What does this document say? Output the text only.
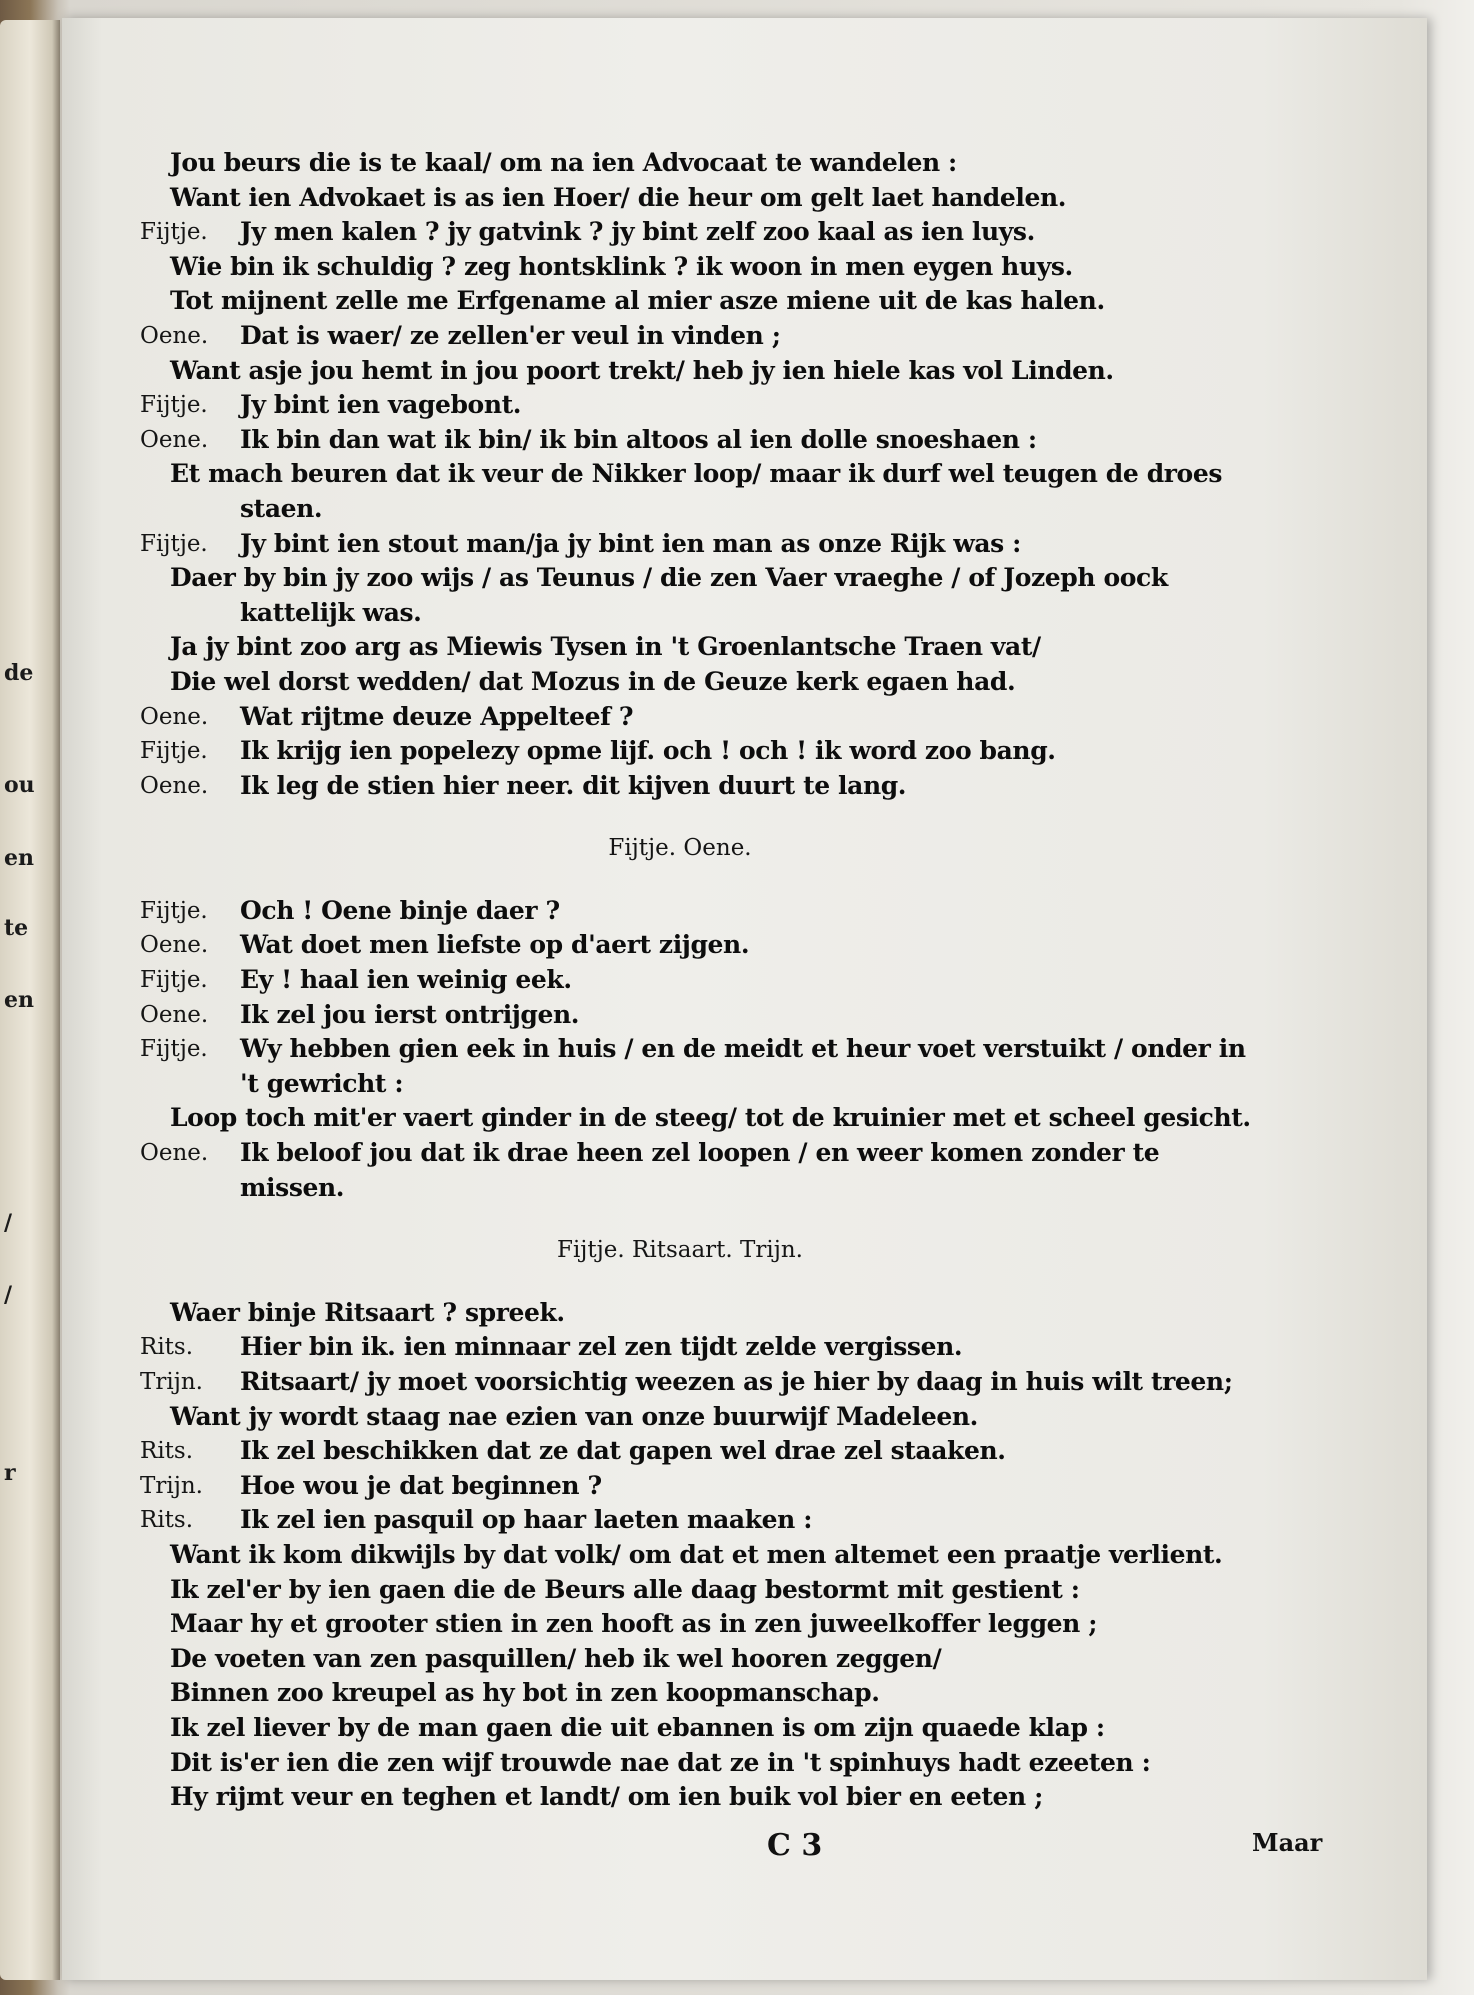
de
ou
en
te
en
/
/
r
Jou beurs die is te kaal/ om na ien Advocaat te wandelen :
Want ien Advokaet is as ien Hoer/ die heur om gelt laet handelen.
Fijtje. Jy men kalen ? jy gatvink ? jy bint zelf zoo kaal as ien luys.
Wie bin ik schuldig ? zeg hontsklink ? ik woon in men eygen huys.
Tot mijnent zelle me Erfgename al mier asze miene uit de kas halen.
Oene. Dat is waer/ ze zellen'er veul in vinden ;
Want asje jou hemt in jou poort trekt/ heb jy ien hiele kas vol Linden.
Fijtje. Jy bint ien vagebont.
Oene. Ik bin dan wat ik bin/ ik bin altoos al ien dolle snoeshaen :
Et mach beuren dat ik veur de Nikker loop/ maar ik durf wel teugen de droes
staen.
Fijtje. Jy bint ien stout man/ja jy bint ien man as onze Rijk was :
Daer by bin jy zoo wijs / as Teunus / die zen Vaer vraeghe / of Jozeph oock
kattelijk was.
Ja jy bint zoo arg as Miewis Tysen in 't Groenlantsche Traen vat/
Die wel dorst wedden/ dat Mozus in de Geuze kerk egaen had.
Oene. Wat rijtme deuze Appelteef ?
Fijtje. Ik krijg ien popelezy opme lijf. och ! och ! ik word zoo bang.
Oene. Ik leg de stien hier neer. dit kijven duurt te lang.
Fijtje. Oene.
Fijtje. Och ! Oene binje daer ?
Oene. Wat doet men liefste op d'aert zijgen.
Fijtje. Ey ! haal ien weinig eek.
Oene. Ik zel jou ierst ontrijgen.
Fijtje. Wy hebben gien eek in huis / en de meidt et heur voet verstuikt / onder in
't gewricht :
Loop toch mit'er vaert ginder in de steeg/ tot de kruinier met et scheel gesicht.
Oene. Ik beloof jou dat ik drae heen zel loopen / en weer komen zonder te
missen.
Fijtje. Ritsaart. Trijn.
Waer binje Ritsaart ? spreek.
Rits. Hier bin ik. ien minnaar zel zen tijdt zelde vergissen.
Trijn. Ritsaart/ jy moet voorsichtig weezen as je hier by daag in huis wilt treen;
Want jy wordt staag nae ezien van onze buurwijf Madeleen.
Rits. Ik zel beschikken dat ze dat gapen wel drae zel staaken.
Trijn. Hoe wou je dat beginnen ?
Rits. Ik zel ien pasquil op haar laeten maaken :
Want ik kom dikwijls by dat volk/ om dat et men altemet een praatje verlient.
Ik zel'er by ien gaen die de Beurs alle daag bestormt mit gestient :
Maar hy et grooter stien in zen hooft as in zen juweelkoffer leggen ;
De voeten van zen pasquillen/ heb ik wel hooren zeggen/
Binnen zoo kreupel as hy bot in zen koopmanschap.
Ik zel liever by de man gaen die uit ebannen is om zijn quaede klap :
Dit is'er ien die zen wijf trouwde nae dat ze in 't spinhuys hadt ezeeten :
Hy rijmt veur en teghen et landt/ om ien buik vol bier en eeten ;
C 3	Maar
